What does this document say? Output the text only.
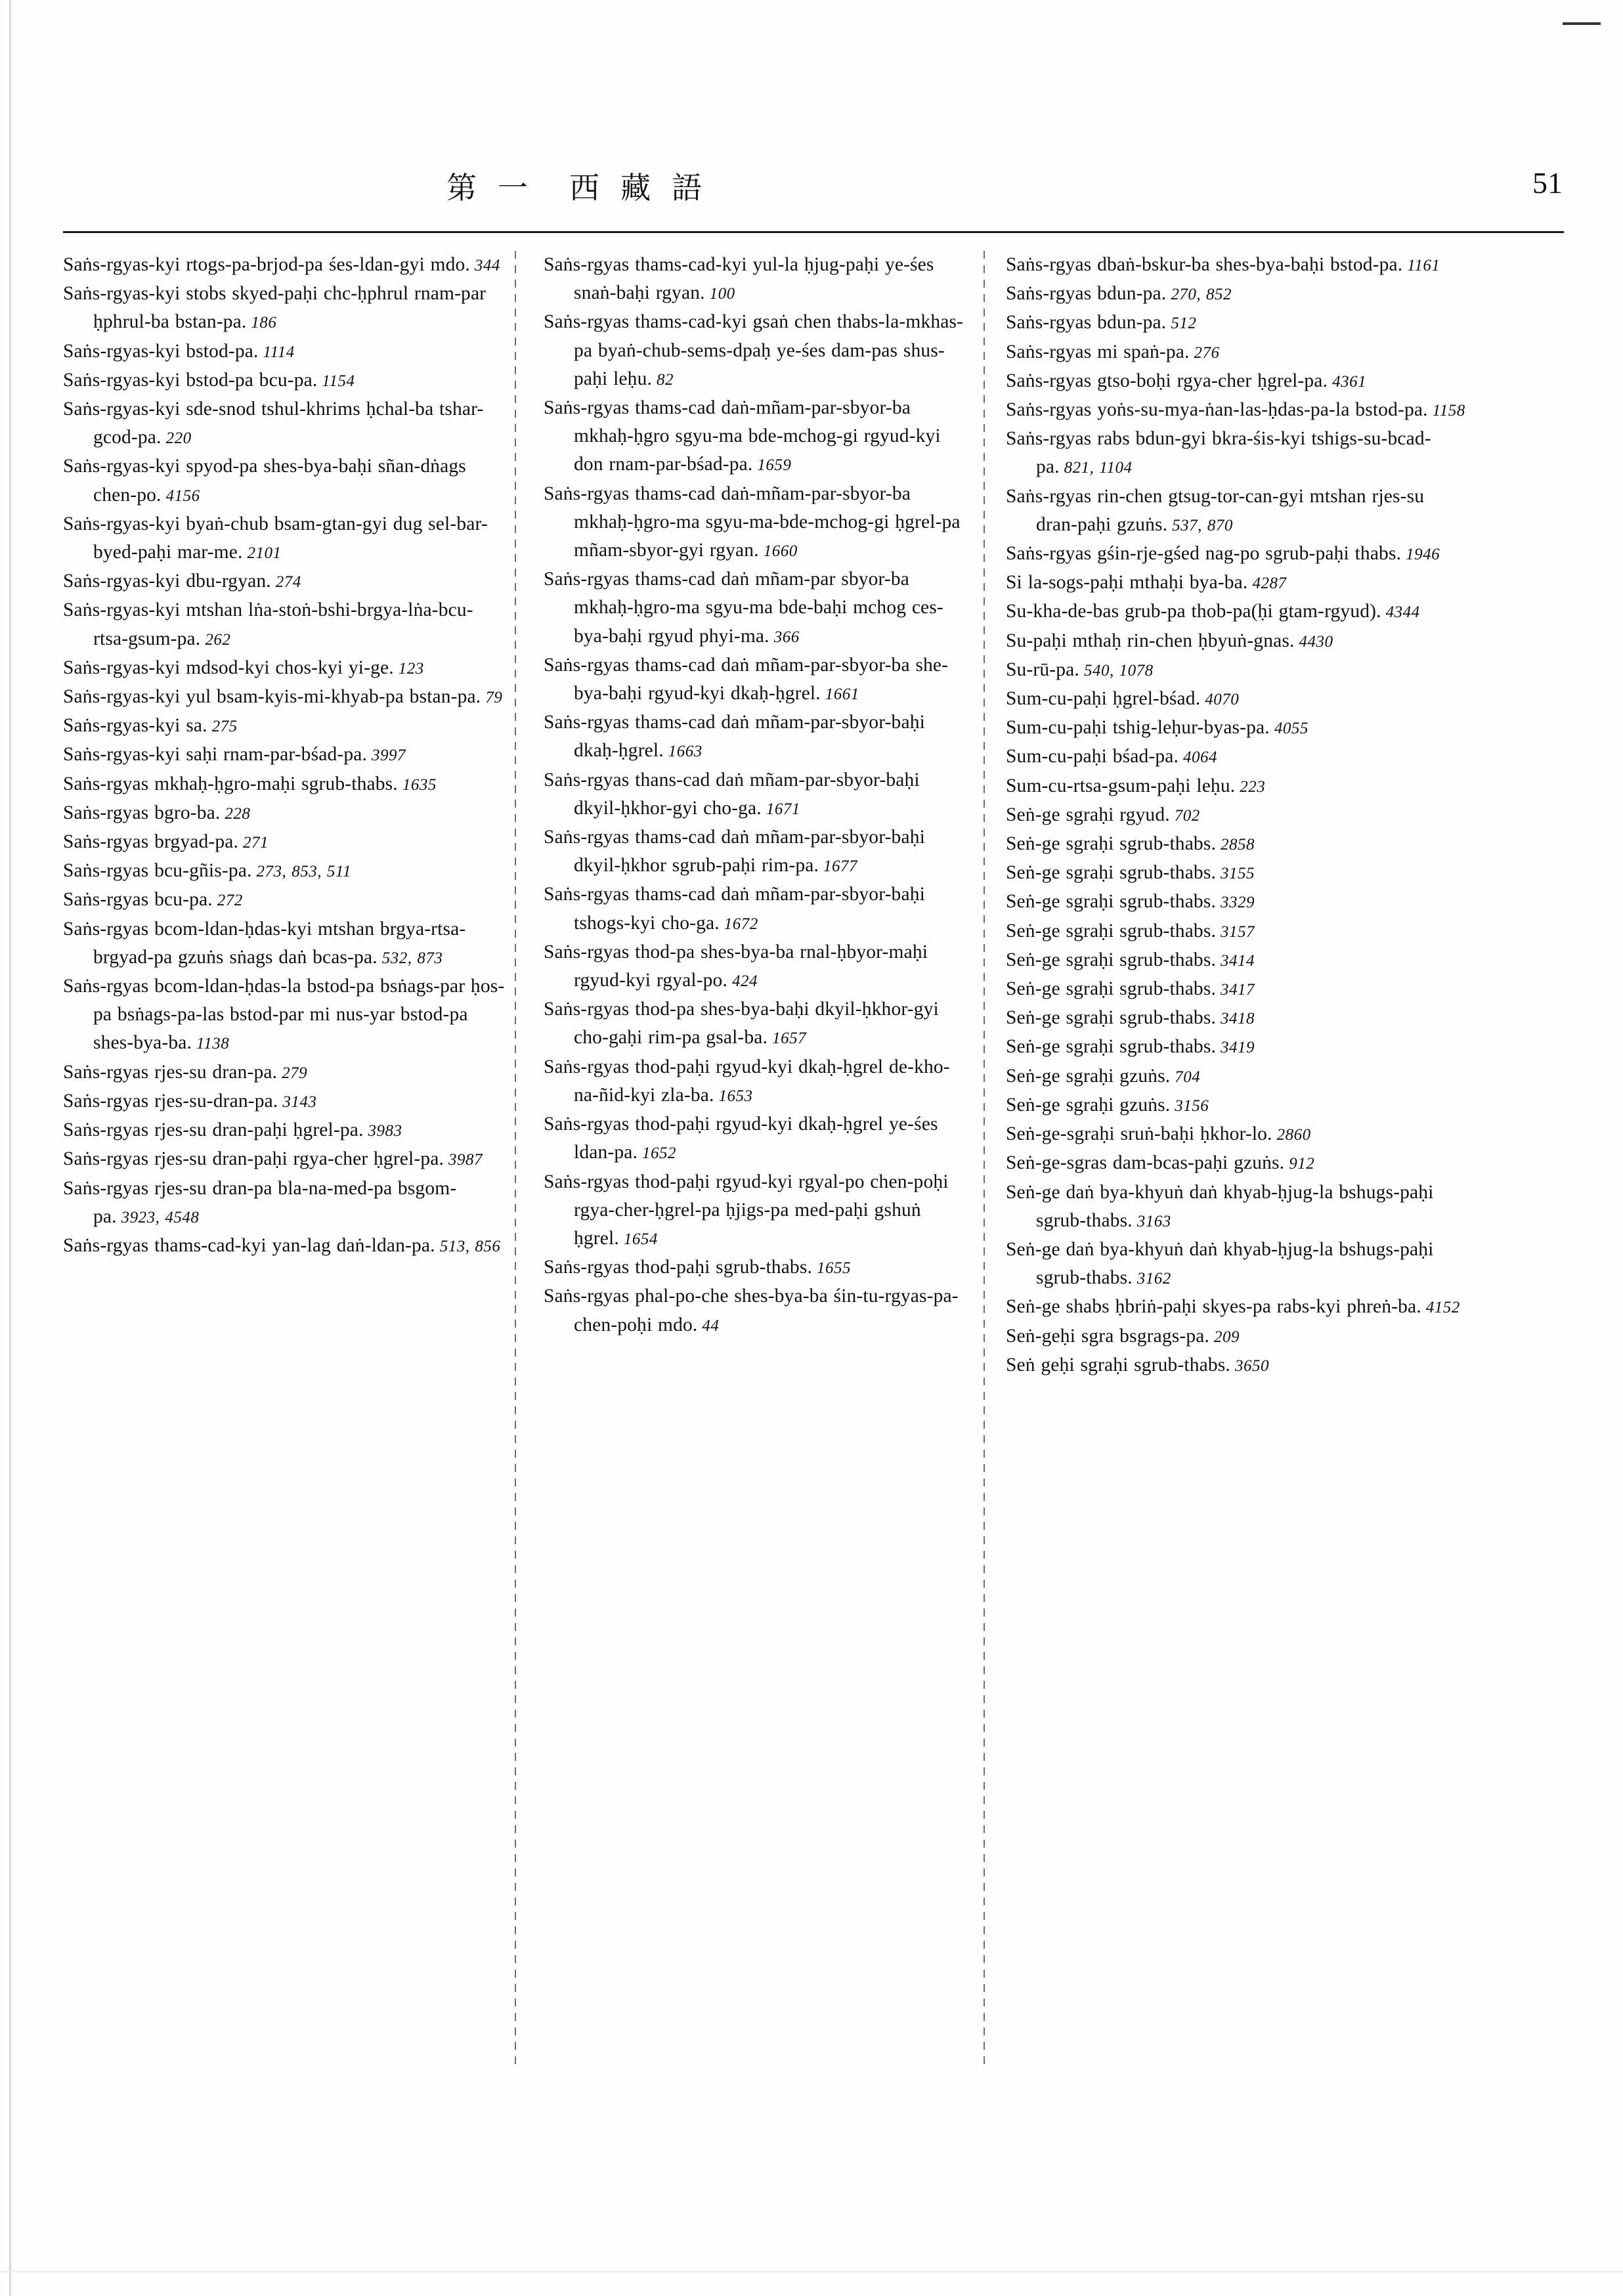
第  一    西  藏  語	51

Saṅs-rgyas-kyi rtogs-pa-brjod-pa śes-ldan-gyi mdo. 344

Saṅs-rgyas-kyi stobs skyed-paḥi chc-ḥphrul rnam-par ḥphrul-ba bstan-pa. 186

Saṅs-rgyas-kyi bstod-pa. 1114

Saṅs-rgyas-kyi bstod-pa bcu-pa. 1154

Saṅs-rgyas-kyi sde-snod tshul-khrims ḥchal-ba tshar-gcod-pa. 220

Saṅs-rgyas-kyi spyod-pa shes-bya-baḥi sñan-dṅags chen-po. 4156

Saṅs-rgyas-kyi byaṅ-chub bsam-gtan-gyi dug sel-bar-byed-paḥi mar-me. 2101

Saṅs-rgyas-kyi dbu-rgyan. 274

Saṅs-rgyas-kyi mtshan lṅa-stoṅ-bshi-brgya-lṅa-bcu-rtsa-gsum-pa. 262

Saṅs-rgyas-kyi mdsod-kyi chos-kyi yi-ge. 123

Saṅs-rgyas-kyi yul bsam-kyis-mi-khyab-pa bstan-pa. 79

Saṅs-rgyas-kyi sa. 275

Saṅs-rgyas-kyi saḥi rnam-par-bśad-pa. 3997

Saṅs-rgyas mkhaḥ-ḥgro-maḥi sgrub-thabs. 1635

Saṅs-rgyas bgro-ba. 228

Saṅs-rgyas brgyad-pa. 271

Saṅs-rgyas bcu-gñis-pa. 273, 853, 511

Saṅs-rgyas bcu-pa. 272

Saṅs-rgyas bcom-ldan-ḥdas-kyi mtshan brgya-rtsa-brgyad-pa gzuṅs sṅags daṅ bcas-pa. 532, 873

Saṅs-rgyas bcom-ldan-ḥdas-la bstod-pa bsṅags-par ḥos-pa bsṅags-pa-las bstod-par mi nus-yar bstod-pa shes-bya-ba. 1138

Saṅs-rgyas rjes-su dran-pa. 279

Saṅs-rgyas rjes-su-dran-pa. 3143

Saṅs-rgyas rjes-su dran-paḥi ḥgrel-pa. 3983

Saṅs-rgyas rjes-su dran-paḥi rgya-cher ḥgrel-pa. 3987

Saṅs-rgyas rjes-su dran-pa bla-na-med-pa bsgom-pa. 3923, 4548

Saṅs-rgyas thams-cad-kyi yan-lag daṅ-ldan-pa. 513, 856

Saṅs-rgyas thams-cad-kyi yul-la ḥjug-paḥi ye-śes snaṅ-baḥi rgyan. 100

Saṅs-rgyas thams-cad-kyi gsaṅ chen thabs-la-mkhas-pa byaṅ-chub-sems-dpaḥ ye-śes dam-pas shus-paḥi leḥu. 82

Saṅs-rgyas thams-cad daṅ-mñam-par-sbyor-ba mkhaḥ-ḥgro sgyu-ma bde-mchog-gi rgyud-kyi don rnam-par-bśad-pa. 1659

Saṅs-rgyas thams-cad daṅ-mñam-par-sbyor-ba mkhaḥ-ḥgro-ma sgyu-ma-bde-mchog-gi ḥgrel-pa mñam-sbyor-gyi rgyan. 1660

Saṅs-rgyas thams-cad daṅ mñam-par sbyor-ba mkhaḥ-ḥgro-ma sgyu-ma bde-baḥi mchog ces-bya-baḥi rgyud phyi-ma. 366

Saṅs-rgyas thams-cad daṅ mñam-par-sbyor-ba she-bya-baḥi rgyud-kyi dkaḥ-ḥgrel. 1661

Saṅs-rgyas thams-cad daṅ mñam-par-sbyor-baḥi dkaḥ-ḥgrel. 1663

Saṅs-rgyas thans-cad daṅ mñam-par-sbyor-baḥi dkyil-ḥkhor-gyi cho-ga. 1671

Saṅs-rgyas thams-cad daṅ mñam-par-sbyor-baḥi dkyil-ḥkhor sgrub-paḥi rim-pa. 1677

Saṅs-rgyas thams-cad daṅ mñam-par-sbyor-baḥi tshogs-kyi cho-ga. 1672

Saṅs-rgyas thod-pa shes-bya-ba rnal-ḥbyor-maḥi rgyud-kyi rgyal-po. 424

Saṅs-rgyas thod-pa shes-bya-baḥi dkyil-ḥkhor-gyi cho-gaḥi rim-pa gsal-ba. 1657

Saṅs-rgyas thod-paḥi rgyud-kyi dkaḥ-ḥgrel de-kho-na-ñid-kyi zla-ba. 1653

Saṅs-rgyas thod-paḥi rgyud-kyi dkaḥ-ḥgrel ye-śes ldan-pa. 1652

Saṅs-rgyas thod-paḥi rgyud-kyi rgyal-po chen-poḥi rgya-cher-ḥgrel-pa ḥjigs-pa med-paḥi gshuṅ ḥgrel. 1654

Saṅs-rgyas thod-paḥi sgrub-thabs. 1655

Saṅs-rgyas phal-po-che shes-bya-ba śin-tu-rgyas-pa-chen-poḥi mdo. 44

Saṅs-rgyas dbaṅ-bskur-ba shes-bya-baḥi bstod-pa. 1161

Saṅs-rgyas bdun-pa. 270, 852

Saṅs-rgyas bdun-pa. 512

Saṅs-rgyas mi spaṅ-pa. 276

Saṅs-rgyas gtso-boḥi rgya-cher ḥgrel-pa. 4361

Saṅs-rgyas yoṅs-su-mya-ṅan-las-ḥdas-pa-la bstod-pa. 1158

Saṅs-rgyas rabs bdun-gyi bkra-śis-kyi tshigs-su-bcad-pa. 821, 1104

Saṅs-rgyas rin-chen gtsug-tor-can-gyi mtshan rjes-su dran-paḥi gzuṅs. 537, 870

Saṅs-rgyas gśin-rje-gśed nag-po sgrub-paḥi thabs. 1946

Si la-sogs-paḥi mthaḥi bya-ba. 4287

Su-kha-de-bas grub-pa thob-pa(ḥi gtam-rgyud). 4344

Su-paḥi mthaḥ rin-chen ḥbyuṅ-gnas. 4430

Su-rū-pa. 540, 1078

Sum-cu-paḥi ḥgrel-bśad. 4070

Sum-cu-paḥi tshig-leḥur-byas-pa. 4055

Sum-cu-paḥi bśad-pa. 4064

Sum-cu-rtsa-gsum-paḥi leḥu. 223

Seṅ-ge sgraḥi rgyud. 702

Seṅ-ge sgraḥi sgrub-thabs. 2858

Seṅ-ge sgraḥi sgrub-thabs. 3155

Seṅ-ge sgraḥi sgrub-thabs. 3329

Seṅ-ge sgraḥi sgrub-thabs. 3157

Seṅ-ge sgraḥi sgrub-thabs. 3414

Seṅ-ge sgraḥi sgrub-thabs. 3417

Seṅ-ge sgraḥi sgrub-thabs. 3418

Seṅ-ge sgraḥi sgrub-thabs. 3419

Seṅ-ge sgraḥi gzuṅs. 704

Seṅ-ge sgraḥi gzuṅs. 3156

Seṅ-ge-sgraḥi sruṅ-baḥi ḥkhor-lo. 2860

Seṅ-ge-sgras dam-bcas-paḥi gzuṅs. 912

Seṅ-ge daṅ bya-khyuṅ daṅ khyab-ḥjug-la bshugs-paḥi sgrub-thabs. 3163

Seṅ-ge daṅ bya-khyuṅ daṅ khyab-ḥjug-la bshugs-paḥi sgrub-thabs. 3162

Seṅ-ge shabs ḥbriṅ-paḥi skyes-pa rabs-kyi phreṅ-ba. 4152

Seṅ-geḥi sgra bsgrags-pa. 209

Seṅ geḥi sgraḥi sgrub-thabs. 3650
